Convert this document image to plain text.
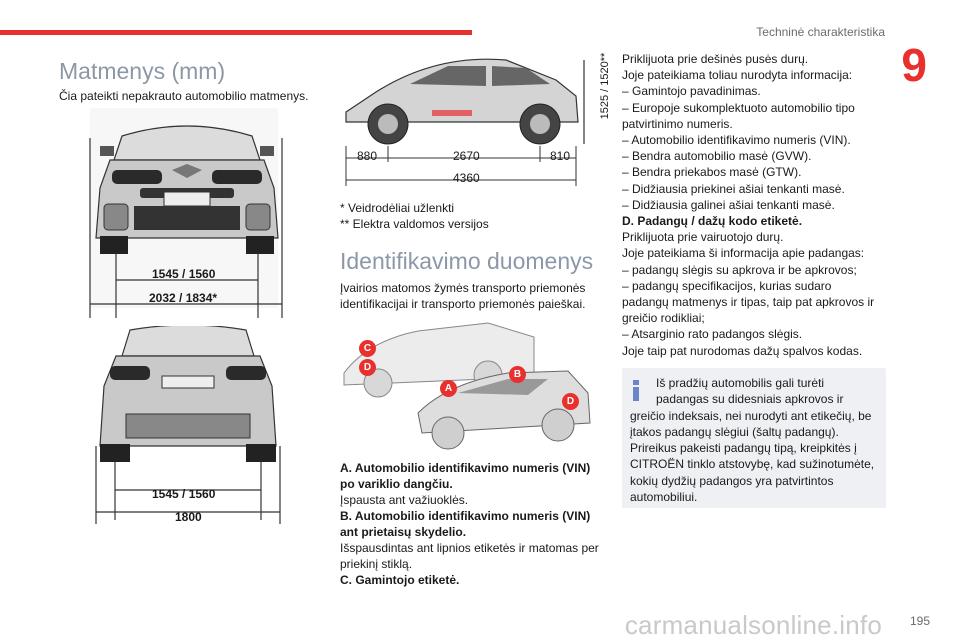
Techninė charakteristika
9
Matmenys (mm)
Čia pateikti nepakrauto automobilio matmenys.
1545 / 1560
2032 / 1834*
1545 / 1560
1800
1525 / 1520**
880	2670	810
4360
* Veidrodėliai užlenkti
** Elektra valdomos versijos
Identifikavimo duomenys
Įvairios matomos žymės transporto priemonės identifikacijai ir transporto priemonės paieškai.
C
D
A
B
D
A. Automobilio identifikavimo numeris (VIN) po variklio dangčiu.
Įspausta ant važiuoklės.
B. Automobilio identifikavimo numeris (VIN) ant prietaisų skydelio.
Išspausdintas ant lipnios etiketės ir matomas per priekinį stiklą.
C. Gamintojo etiketė.
Priklijuota prie dešinės pusės durų.
Joje pateikiama toliau nurodyta informacija:
– Gamintojo pavadinimas.
– Europoje sukomplektuoto automobilio tipo
patvirtinimo numeris.
– Automobilio identifikavimo numeris (VIN).
– Bendra automobilio masė (GVW).
– Bendra priekabos masė (GTW).
– Didžiausia priekinei ašiai tenkanti masė.
– Didžiausia galinei ašiai tenkanti masė.
D. Padangų / dažų kodo etiketė.
Priklijuota prie vairuotojo durų.
Joje pateikiama ši informacija apie padangas:
– padangų slėgis su apkrova ir be apkrovos;
– padangų specifikacijos, kurias sudaro
padangų matmenys ir tipas, taip pat apkrovos ir
greičio rodikliai;
– Atsarginio rato padangos slėgis.
Joje taip pat nurodomas dažų spalvos kodas.
Iš pradžių automobilis gali turėti
padangas su didesniais apkrovos ir
greičio indeksais, nei nurodyti ant etikečių, be
įtakos padangų slėgiui (šaltų padangų).
Prireikus pakeisti padangų tipą, kreipkitės į
CITROËN tinklo atstovybę, kad sužinotumėte,
kokių dydžių padangos yra patvirtintos
automobiliui.
carmanualsonline.info 195
